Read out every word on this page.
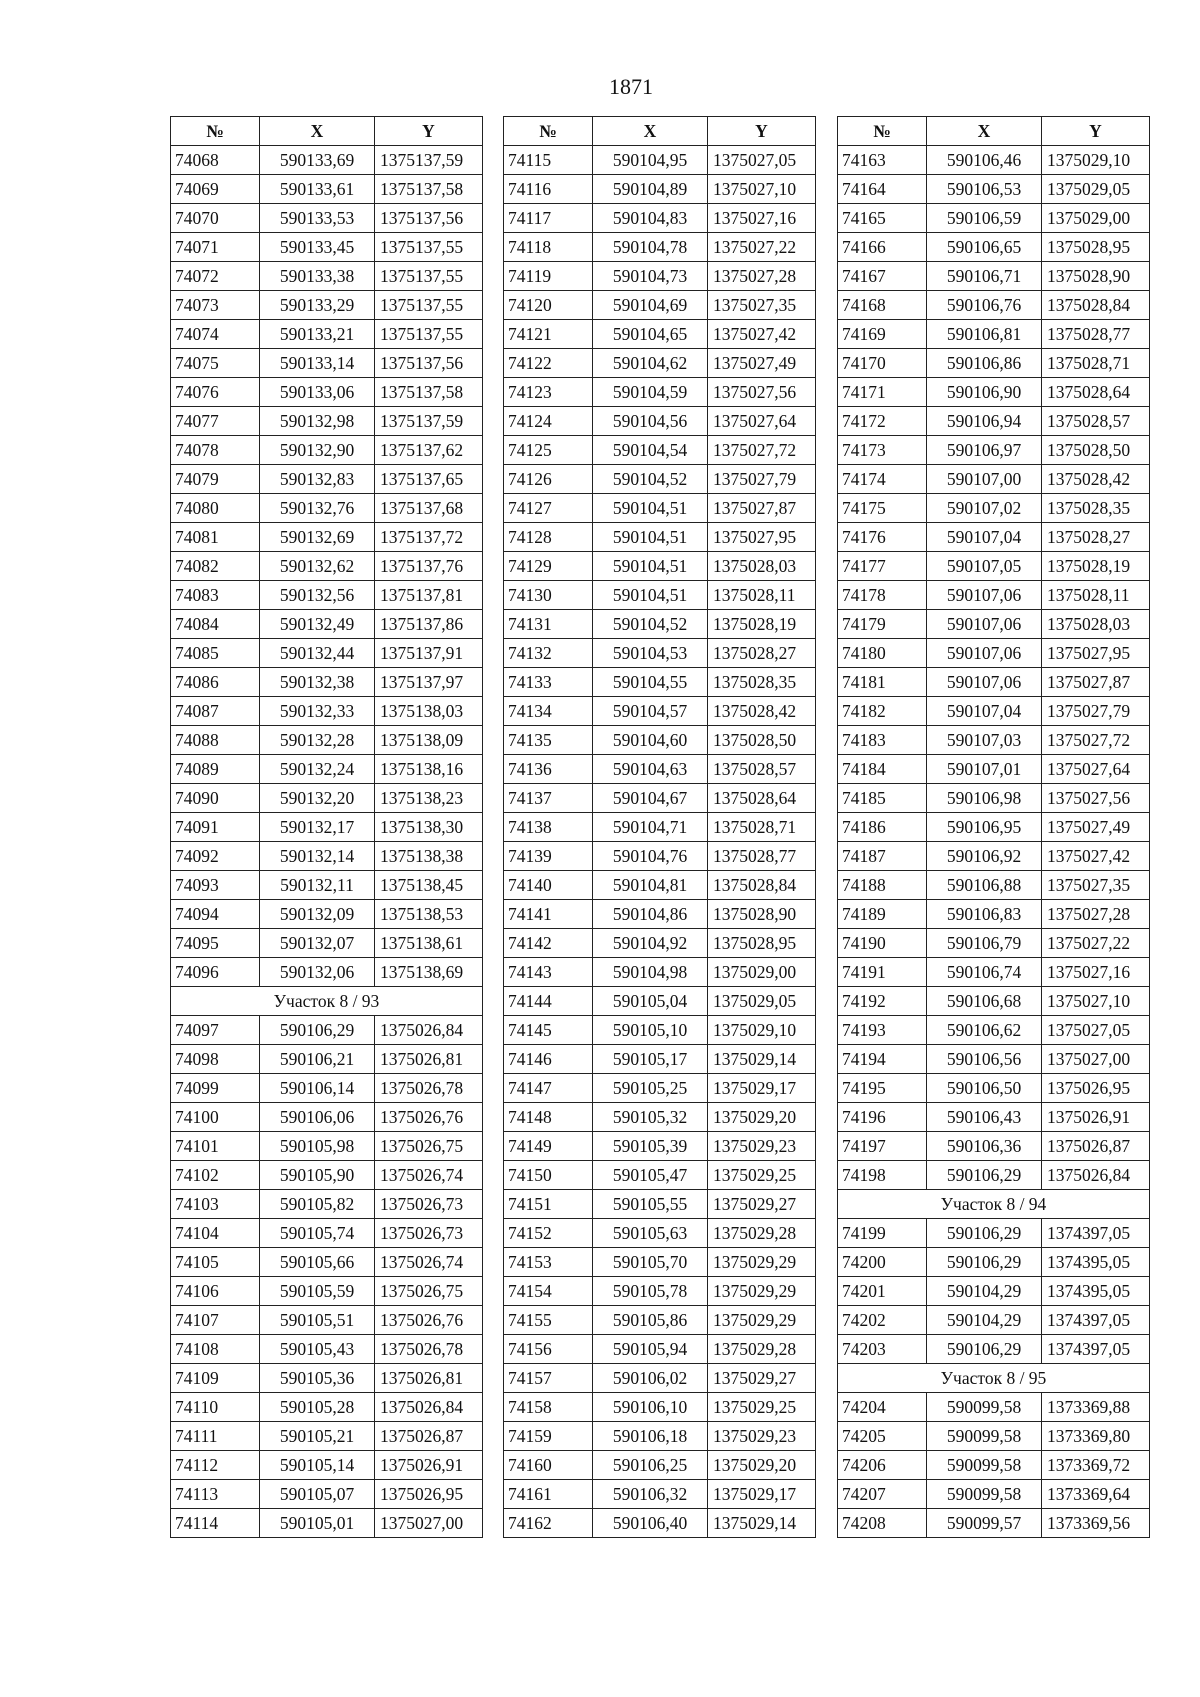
1871
№	X	Y
74068	590133,69	1375137,59
74069	590133,61	1375137,58
74070	590133,53	1375137,56
74071	590133,45	1375137,55
74072	590133,38	1375137,55
74073	590133,29	1375137,55
74074	590133,21	1375137,55
74075	590133,14	1375137,56
74076	590133,06	1375137,58
74077	590132,98	1375137,59
74078	590132,90	1375137,62
74079	590132,83	1375137,65
74080	590132,76	1375137,68
74081	590132,69	1375137,72
74082	590132,62	1375137,76
74083	590132,56	1375137,81
74084	590132,49	1375137,86
74085	590132,44	1375137,91
74086	590132,38	1375137,97
74087	590132,33	1375138,03
74088	590132,28	1375138,09
74089	590132,24	1375138,16
74090	590132,20	1375138,23
74091	590132,17	1375138,30
74092	590132,14	1375138,38
74093	590132,11	1375138,45
74094	590132,09	1375138,53
74095	590132,07	1375138,61
74096	590132,06	1375138,69
Участок 8 / 93		
74097	590106,29	1375026,84
74098	590106,21	1375026,81
74099	590106,14	1375026,78
74100	590106,06	1375026,76
74101	590105,98	1375026,75
74102	590105,90	1375026,74
74103	590105,82	1375026,73
74104	590105,74	1375026,73
74105	590105,66	1375026,74
74106	590105,59	1375026,75
74107	590105,51	1375026,76
74108	590105,43	1375026,78
74109	590105,36	1375026,81
74110	590105,28	1375026,84
74111	590105,21	1375026,87
74112	590105,14	1375026,91
74113	590105,07	1375026,95
74114	590105,01	1375027,00
№	X	Y
74115	590104,95	1375027,05
74116	590104,89	1375027,10
74117	590104,83	1375027,16
74118	590104,78	1375027,22
74119	590104,73	1375027,28
74120	590104,69	1375027,35
74121	590104,65	1375027,42
74122	590104,62	1375027,49
74123	590104,59	1375027,56
74124	590104,56	1375027,64
74125	590104,54	1375027,72
74126	590104,52	1375027,79
74127	590104,51	1375027,87
74128	590104,51	1375027,95
74129	590104,51	1375028,03
74130	590104,51	1375028,11
74131	590104,52	1375028,19
74132	590104,53	1375028,27
74133	590104,55	1375028,35
74134	590104,57	1375028,42
74135	590104,60	1375028,50
74136	590104,63	1375028,57
74137	590104,67	1375028,64
74138	590104,71	1375028,71
74139	590104,76	1375028,77
74140	590104,81	1375028,84
74141	590104,86	1375028,90
74142	590104,92	1375028,95
74143	590104,98	1375029,00
74144	590105,04	1375029,05
74145	590105,10	1375029,10
74146	590105,17	1375029,14
74147	590105,25	1375029,17
74148	590105,32	1375029,20
74149	590105,39	1375029,23
74150	590105,47	1375029,25
74151	590105,55	1375029,27
74152	590105,63	1375029,28
74153	590105,70	1375029,29
74154	590105,78	1375029,29
74155	590105,86	1375029,29
74156	590105,94	1375029,28
74157	590106,02	1375029,27
74158	590106,10	1375029,25
74159	590106,18	1375029,23
74160	590106,25	1375029,20
74161	590106,32	1375029,17
74162	590106,40	1375029,14
№	X	Y
74163	590106,46	1375029,10
74164	590106,53	1375029,05
74165	590106,59	1375029,00
74166	590106,65	1375028,95
74167	590106,71	1375028,90
74168	590106,76	1375028,84
74169	590106,81	1375028,77
74170	590106,86	1375028,71
74171	590106,90	1375028,64
74172	590106,94	1375028,57
74173	590106,97	1375028,50
74174	590107,00	1375028,42
74175	590107,02	1375028,35
74176	590107,04	1375028,27
74177	590107,05	1375028,19
74178	590107,06	1375028,11
74179	590107,06	1375028,03
74180	590107,06	1375027,95
74181	590107,06	1375027,87
74182	590107,04	1375027,79
74183	590107,03	1375027,72
74184	590107,01	1375027,64
74185	590106,98	1375027,56
74186	590106,95	1375027,49
74187	590106,92	1375027,42
74188	590106,88	1375027,35
74189	590106,83	1375027,28
74190	590106,79	1375027,22
74191	590106,74	1375027,16
74192	590106,68	1375027,10
74193	590106,62	1375027,05
74194	590106,56	1375027,00
74195	590106,50	1375026,95
74196	590106,43	1375026,91
74197	590106,36	1375026,87
74198	590106,29	1375026,84
Участок 8 / 94		
74199	590106,29	1374397,05
74200	590106,29	1374395,05
74201	590104,29	1374395,05
74202	590104,29	1374397,05
74203	590106,29	1374397,05
Участок 8 / 95		
74204	590099,58	1373369,88
74205	590099,58	1373369,80
74206	590099,58	1373369,72
74207	590099,58	1373369,64
74208	590099,57	1373369,56
